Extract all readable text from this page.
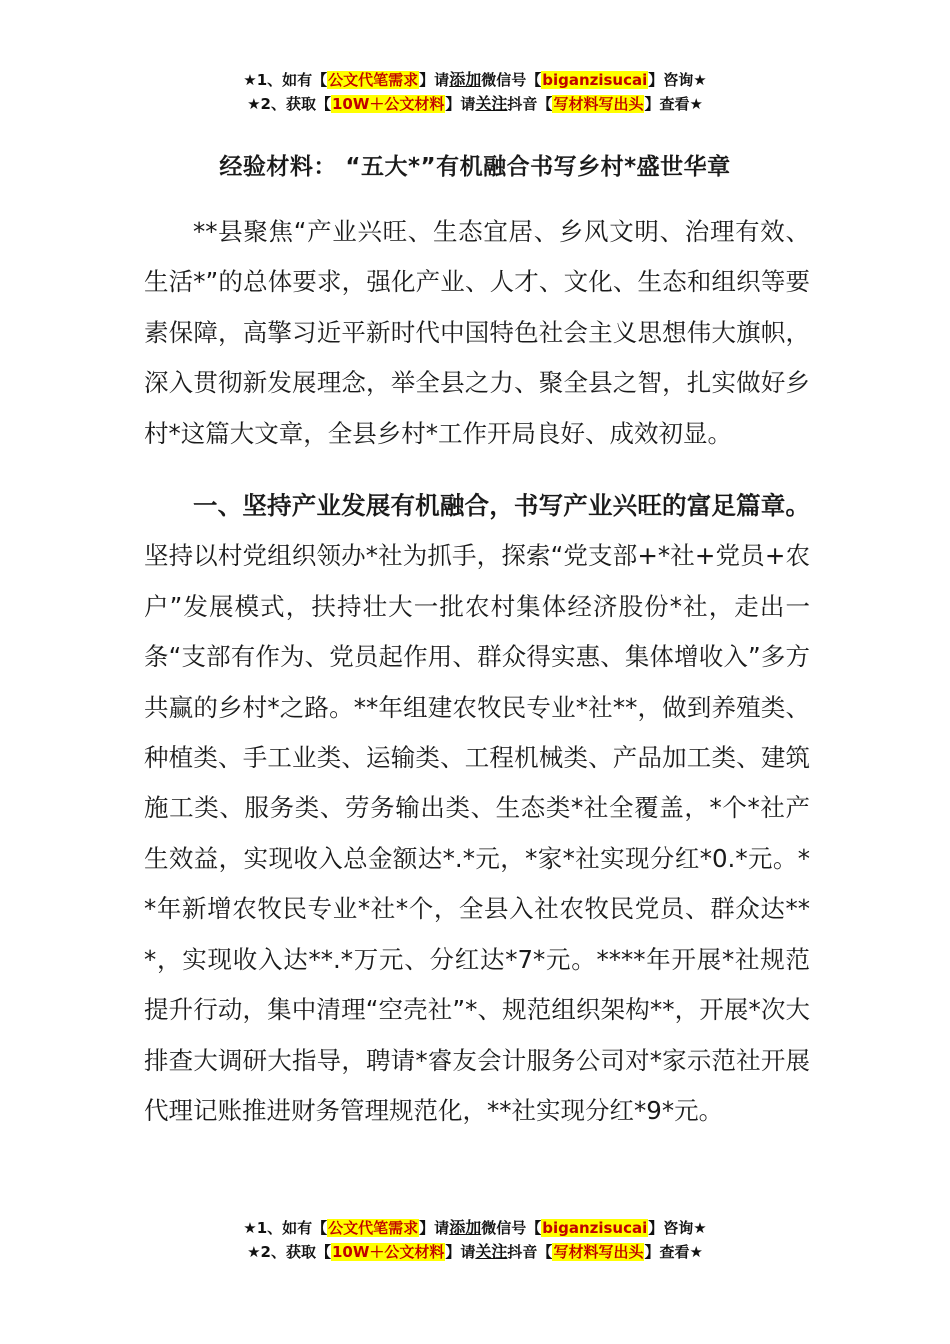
★1、如有【公文代笔需求】请添加微信号【biganzisucai】咨询★
★2、获取【10W＋公文材料】请关注抖音【写材料写出头】查看★
经验材料： “五大*”有机融合书写乡村*盛世华章

**县聚焦“产业兴旺、生态宜居、乡风文明、治理有效、生活*”的总体要求，强化产业、人才、文化、生态和组织等要素保障，高擎习近平新时代中国特色社会主义思想伟大旗帜，深入贯彻新发展理念，举全县之力、聚全县之智，扎实做好乡村*这篇大文章，全县乡村*工作开局良好、成效初显。

一、坚持产业发展有机融合，书写产业兴旺的富足篇章。坚持以村党组织领办*社为抓手，探索“党支部+*社+党员+农户”发展模式，扶持壮大一批农村集体经济股份*社，走出一条“支部有作为、党员起作用、群众得实惠、集体增收入”多方共赢的乡村*之路。**年组建农牧民专业*社**，做到养殖类、种植类、手工业类、运输类、工程机械类、产品加工类、建筑施工类、服务类、劳务输出类、生态类*社全覆盖，*个*社产生效益，实现收入总金额达*.*元，*家*社实现分红*0.*元。**年新增农牧民专业*社*个，全县入社农牧民党员、群众达***，实现收入达**.*万元、分红达*7*元。****年开展*社规范提升行动，集中清理“空壳社”*、规范组织架构**，开展*次大排查大调研大指导，聘请*睿友会计服务公司对*家示范社开展代理记账推进财务管理规范化，**社实现分红*9*元。

★1、如有【公文代笔需求】请添加微信号【biganzisucai】咨询★
★2、获取【10W＋公文材料】请关注抖音【写材料写出头】查看★
